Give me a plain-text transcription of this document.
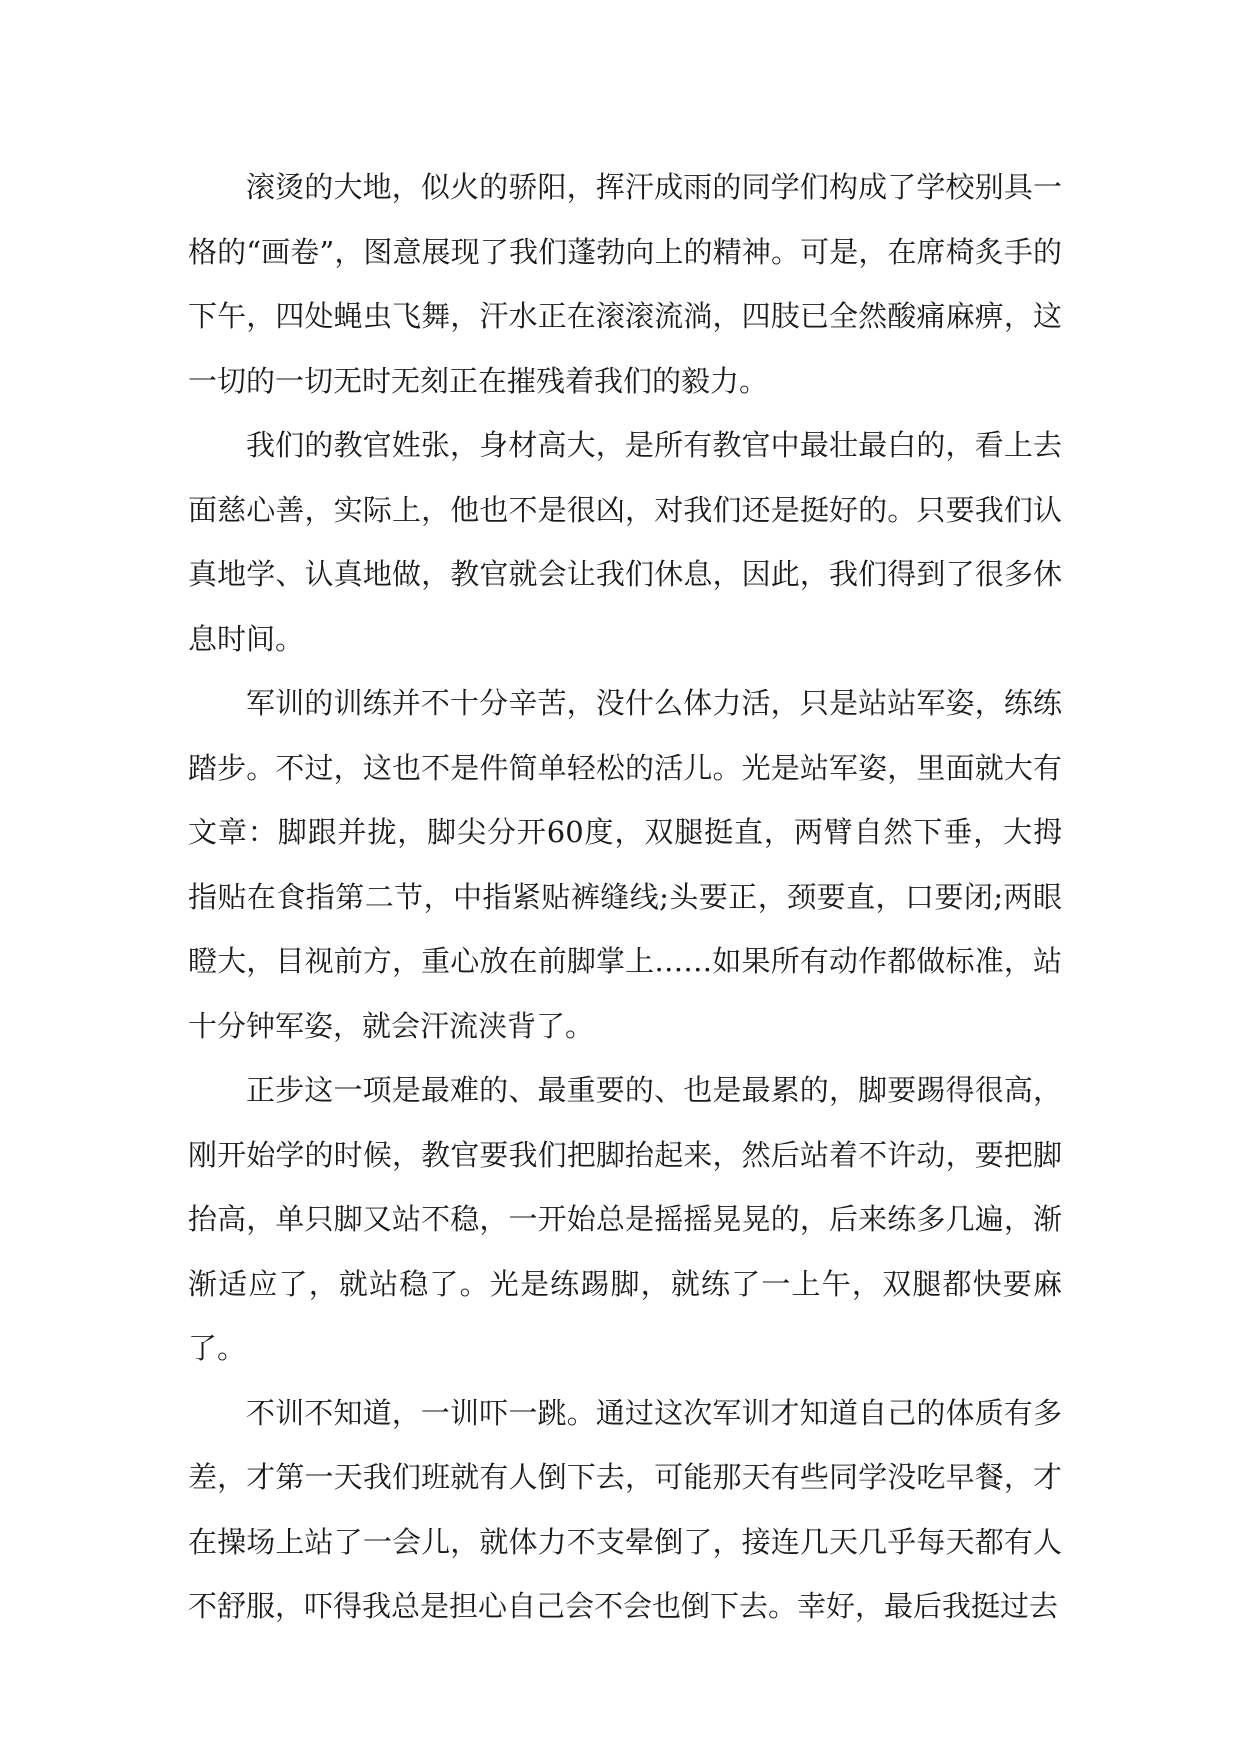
滚烫的大地，似火的骄阳，挥汗成雨的同学们构成了学校别具一格的“画卷”，图意展现了我们蓬勃向上的精神。可是，在席椅炙手的下午，四处蝇虫飞舞，汗水正在滚滚流淌，四肢已全然酸痛麻痹，这一切的一切无时无刻正在摧残着我们的毅力。

我们的教官姓张，身材高大，是所有教官中最壮最白的，看上去面慈心善，实际上，他也不是很凶，对我们还是挺好的。只要我们认真地学、认真地做，教官就会让我们休息，因此，我们得到了很多休息时间。

军训的训练并不十分辛苦，没什么体力活，只是站站军姿，练练踏步。不过，这也不是件简单轻松的活儿。光是站军姿，里面就大有文章：脚跟并拢，脚尖分开60度，双腿挺直，两臂自然下垂，大拇指贴在食指第二节，中指紧贴裤缝线;头要正，颈要直，口要闭;两眼瞪大，目视前方，重心放在前脚掌上……如果所有动作都做标准，站十分钟军姿，就会汗流浃背了。

正步这一项是最难的、最重要的、也是最累的，脚要踢得很高，刚开始学的时候，教官要我们把脚抬起来，然后站着不许动，要把脚抬高，单只脚又站不稳，一开始总是摇摇晃晃的，后来练多几遍，渐渐适应了，就站稳了。光是练踢脚，就练了一上午，双腿都快要麻了。

不训不知道，一训吓一跳。通过这次军训才知道自己的体质有多差，才第一天我们班就有人倒下去，可能那天有些同学没吃早餐，才在操场上站了一会儿，就体力不支晕倒了，接连几天几乎每天都有人不舒服，吓得我总是担心自己会不会也倒下去。幸好，最后我挺过去
